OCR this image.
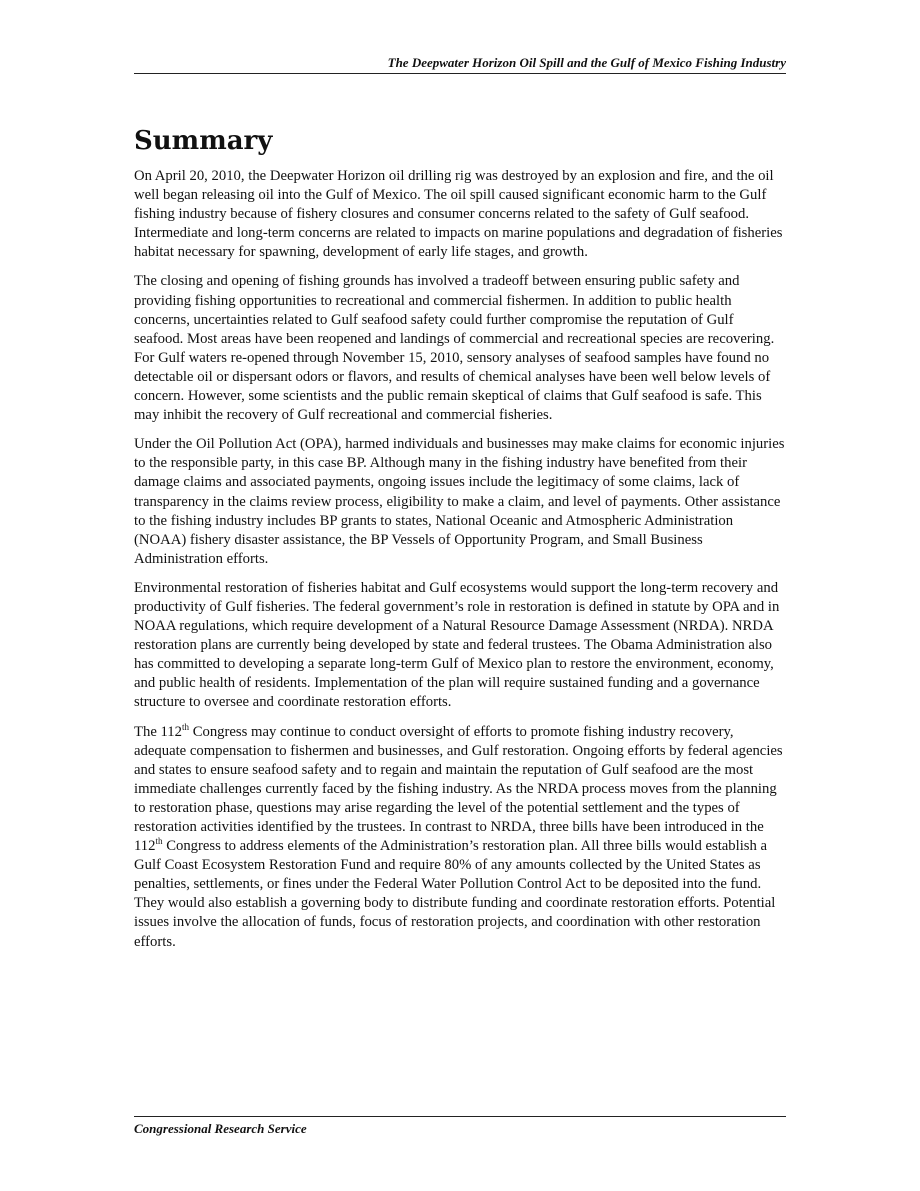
The Deepwater Horizon Oil Spill and the Gulf of Mexico Fishing Industry
Summary

On April 20, 2010, the Deepwater Horizon oil drilling rig was destroyed by an explosion and fire, and the oil well began releasing oil into the Gulf of Mexico. The oil spill caused significant economic harm to the Gulf fishing industry because of fishery closures and consumer concerns related to the safety of Gulf seafood. Intermediate and long-term concerns are related to impacts on marine populations and degradation of fisheries habitat necessary for spawning, development of early life stages, and growth.

The closing and opening of fishing grounds has involved a tradeoff between ensuring public safety and providing fishing opportunities to recreational and commercial fishermen. In addition to public health concerns, uncertainties related to Gulf seafood safety could further compromise the reputation of Gulf seafood. Most areas have been reopened and landings of commercial and recreational species are recovering. For Gulf waters re-opened through November 15, 2010, sensory analyses of seafood samples have found no detectable oil or dispersant odors or flavors, and results of chemical analyses have been well below levels of concern. However, some scientists and the public remain skeptical of claims that Gulf seafood is safe. This may inhibit the recovery of Gulf recreational and commercial fisheries.

Under the Oil Pollution Act (OPA), harmed individuals and businesses may make claims for economic injuries to the responsible party, in this case BP. Although many in the fishing industry have benefited from their damage claims and associated payments, ongoing issues include the legitimacy of some claims, lack of transparency in the claims review process, eligibility to make a claim, and level of payments. Other assistance to the fishing industry includes BP grants to states, National Oceanic and Atmospheric Administration (NOAA) fishery disaster assistance, the BP Vessels of Opportunity Program, and Small Business Administration efforts.

Environmental restoration of fisheries habitat and Gulf ecosystems would support the long-term recovery and productivity of Gulf fisheries. The federal government’s role in restoration is defined in statute by OPA and in NOAA regulations, which require development of a Natural Resource Damage Assessment (NRDA). NRDA restoration plans are currently being developed by state and federal trustees. The Obama Administration also has committed to developing a separate long-term Gulf of Mexico plan to restore the environment, economy, and public health of residents. Implementation of the plan will require sustained funding and a governance structure to oversee and coordinate restoration efforts.

The 112th Congress may continue to conduct oversight of efforts to promote fishing industry recovery, adequate compensation to fishermen and businesses, and Gulf restoration. Ongoing efforts by federal agencies and states to ensure seafood safety and to regain and maintain the reputation of Gulf seafood are the most immediate challenges currently faced by the fishing industry. As the NRDA process moves from the planning to restoration phase, questions may arise regarding the level of the potential settlement and the types of restoration activities identified by the trustees. In contrast to NRDA, three bills have been introduced in the 112th Congress to address elements of the Administration’s restoration plan. All three bills would establish a Gulf Coast Ecosystem Restoration Fund and require 80% of any amounts collected by the United States as penalties, settlements, or fines under the Federal Water Pollution Control Act to be deposited into the fund. They would also establish a governing body to distribute funding and coordinate restoration efforts. Potential issues involve the allocation of funds, focus of restoration projects, and coordination with other restoration efforts.

Congressional Research Service
